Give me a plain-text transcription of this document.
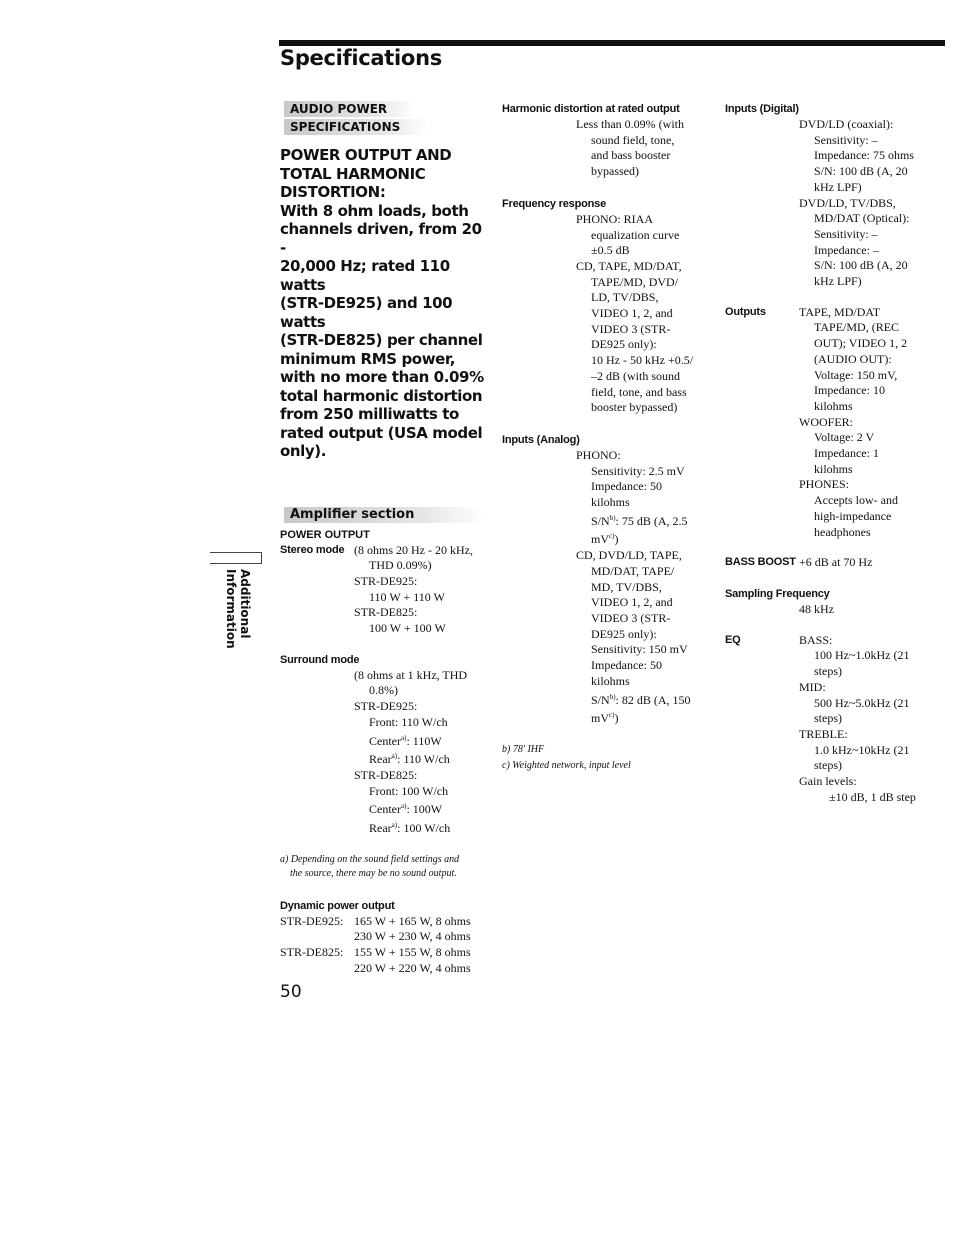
Specifications
AUDIO POWER
SPECIFICATIONS
POWER OUTPUT AND
TOTAL HARMONIC
DISTORTION:
With 8 ohm loads, both
channels driven, from 20 -
20,000 Hz; rated 110 watts
(STR-DE925) and 100 watts
(STR-DE825) per channel
minimum RMS power,
with no more than 0.09%
total harmonic distortion
from 250 milliwatts to
rated output (USA model
only).
Amplifier section
POWER OUTPUT
Stereo mode (8 ohms 20 Hz - 20 kHz,
THD 0.09%)
STR-DE925:
110 W + 110 W
STR-DE825:
100 W + 100 W
Surround mode
(8 ohms at 1 kHz, THD
0.8%)
STR-DE925:
Front: 110 W/ch
Center$^{a)}$: 110W
Rear$^{a)}$: 110 W/ch
STR-DE825:
Front: 100 W/ch
Center$^{a)}$: 100W
Rear$^{a)}$: 100 W/ch
a) Depending on the sound field settings and
the source, there may be no sound output.
Dynamic power output
STR-DE925: 165 W + 165 W, 8 ohms
230 W + 230 W, 4 ohms
STR-DE825: 155 W + 155 W, 8 ohms
220 W + 220 W, 4 ohms
Harmonic distortion at rated output
Less than 0.09% (with
sound field, tone,
and bass booster
bypassed)
Frequency response
PHONO: RIAA
equalization curve
±0.5 dB
CD, TAPE, MD/DAT,
TAPE/MD, DVD/
LD, TV/DBS,
VIDEO 1, 2, and
VIDEO 3 (STR-
DE925 only):
10 Hz - 50 kHz +0.5/
–2 dB (with sound
field, tone, and bass
booster bypassed)
Inputs (Analog)
PHONO:
Sensitivity: 2.5 mV
Impedance: 50
kilohms
$S/N^{b)}$: 75 dB (A, 2.5
$mV^{c)}$)
CD, DVD/LD, TAPE,
MD/DAT, TAPE/
MD, TV/DBS,
VIDEO 1, 2, and
VIDEO 3 (STR-
DE925 only):
Sensitivity: 150 mV
Impedance: 50
kilohms
$S/N^{b)}$: 82 dB (A, 150
$mV^{c)}$)
b) 78' IHF
c) Weighted network, input level
Inputs (Digital)
DVD/LD (coaxial):
Sensitivity: –
Impedance: 75 ohms
S/N: 100 dB (A, 20
kHz LPF)
DVD/LD, TV/DBS,
MD/DAT (Optical):
Sensitivity: –
Impedance: –
S/N: 100 dB (A, 20
kHz LPF)
Outputs	TAPE, MD/DAT
TAPE/MD, (REC
OUT); VIDEO 1, 2
(AUDIO OUT):
Voltage: 150 mV,
Impedance: 10
kilohms
WOOFER:
Voltage: 2 V
Impedance: 1
kilohms
PHONES:
Accepts low- and
high-impedance
headphones
BASS BOOST +6 dB at 70 Hz
Sampling Frequency
48 kHz
EQ	BASS:
100 Hz~1.0kHz (21
steps)
MID:
500 Hz~5.0kHz (21
steps)
TREBLE:
1.0 kHz~10kHz (21
steps)
Gain levels:
±10 dB, 1 dB step
Additional Information
50
